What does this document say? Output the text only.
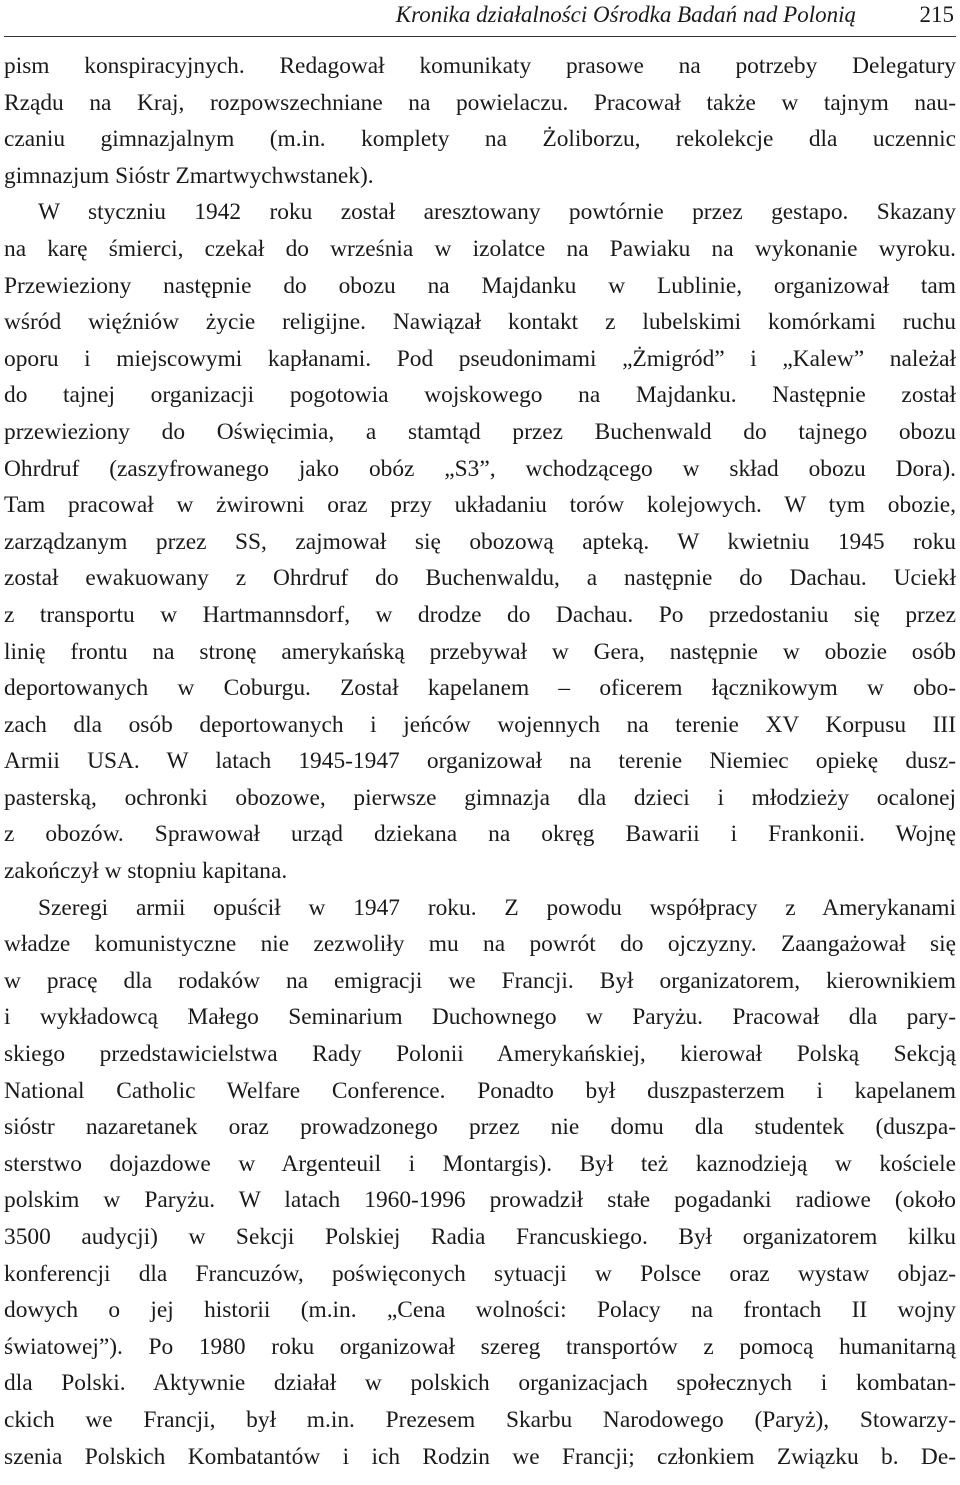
Kronika działalności Ośrodka Badań nad Polonią	215
pism konspiracyjnych. Redagował komunikaty prasowe na potrzeby Delegatury
Rządu na Kraj, rozpowszechniane na powielaczu. Pracował także w tajnym nau-
czaniu gimnazjalnym (m.in. komplety na Żoliborzu, rekolekcje dla uczennic
gimnazjum Sióstr Zmartwychwstanek).
W styczniu 1942 roku został aresztowany powtórnie przez gestapo. Skazany
na karę śmierci, czekał do września w izolatce na Pawiaku na wykonanie wyroku.
Przewieziony następnie do obozu na Majdanku w Lublinie, organizował tam
wśród więźniów życie religijne. Nawiązał kontakt z lubelskimi komórkami ruchu
oporu i miejscowymi kapłanami. Pod pseudonimami „Żmigród” i „Kalew” należał
do tajnej organizacji pogotowia wojskowego na Majdanku. Następnie został
przewieziony do Oświęcimia, a stamtąd przez Buchenwald do tajnego obozu
Ohrdruf (zaszyfrowanego jako obóz „S3”, wchodzącego w skład obozu Dora).
Tam pracował w żwirowni oraz przy układaniu torów kolejowych. W tym obozie,
zarządzanym przez SS, zajmował się obozową apteką. W kwietniu 1945 roku
został ewakuowany z Ohrdruf do Buchenwaldu, a następnie do Dachau. Uciekł
z transportu w Hartmannsdorf, w drodze do Dachau. Po przedostaniu się przez
linię frontu na stronę amerykańską przebywał w Gera, następnie w obozie osób
deportowanych w Coburgu. Został kapelanem – oficerem łącznikowym w obo-
zach dla osób deportowanych i jeńców wojennych na terenie XV Korpusu III
Armii USA. W latach 1945-1947 organizował na terenie Niemiec opiekę dusz-
pasterską, ochronki obozowe, pierwsze gimnazja dla dzieci i młodzieży ocalonej
z obozów. Sprawował urząd dziekana na okręg Bawarii i Frankonii. Wojnę
zakończył w stopniu kapitana.
Szeregi armii opuścił w 1947 roku. Z powodu współpracy z Amerykanami
władze komunistyczne nie zezwoliły mu na powrót do ojczyzny. Zaangażował się
w pracę dla rodaków na emigracji we Francji. Był organizatorem, kierownikiem
i wykładowcą Małego Seminarium Duchownego w Paryżu. Pracował dla pary-
skiego przedstawicielstwa Rady Polonii Amerykańskiej, kierował Polską Sekcją
National Catholic Welfare Conference. Ponadto był duszpasterzem i kapelanem
sióstr nazaretanek oraz prowadzonego przez nie domu dla studentek (duszpa-
sterstwo dojazdowe w Argenteuil i Montargis). Był też kaznodzieją w kościele
polskim w Paryżu. W latach 1960-1996 prowadził stałe pogadanki radiowe (około
3500 audycji) w Sekcji Polskiej Radia Francuskiego. Był organizatorem kilku
konferencji dla Francuzów, poświęconych sytuacji w Polsce oraz wystaw objaz-
dowych o jej historii (m.in. „Cena wolności: Polacy na frontach II wojny
światowej”). Po 1980 roku organizował szereg transportów z pomocą humanitarną
dla Polski. Aktywnie działał w polskich organizacjach społecznych i kombatan-
ckich we Francji, był m.in. Prezesem Skarbu Narodowego (Paryż), Stowarzy-
szenia Polskich Kombatantów i ich Rodzin we Francji; członkiem Związku b. De-
